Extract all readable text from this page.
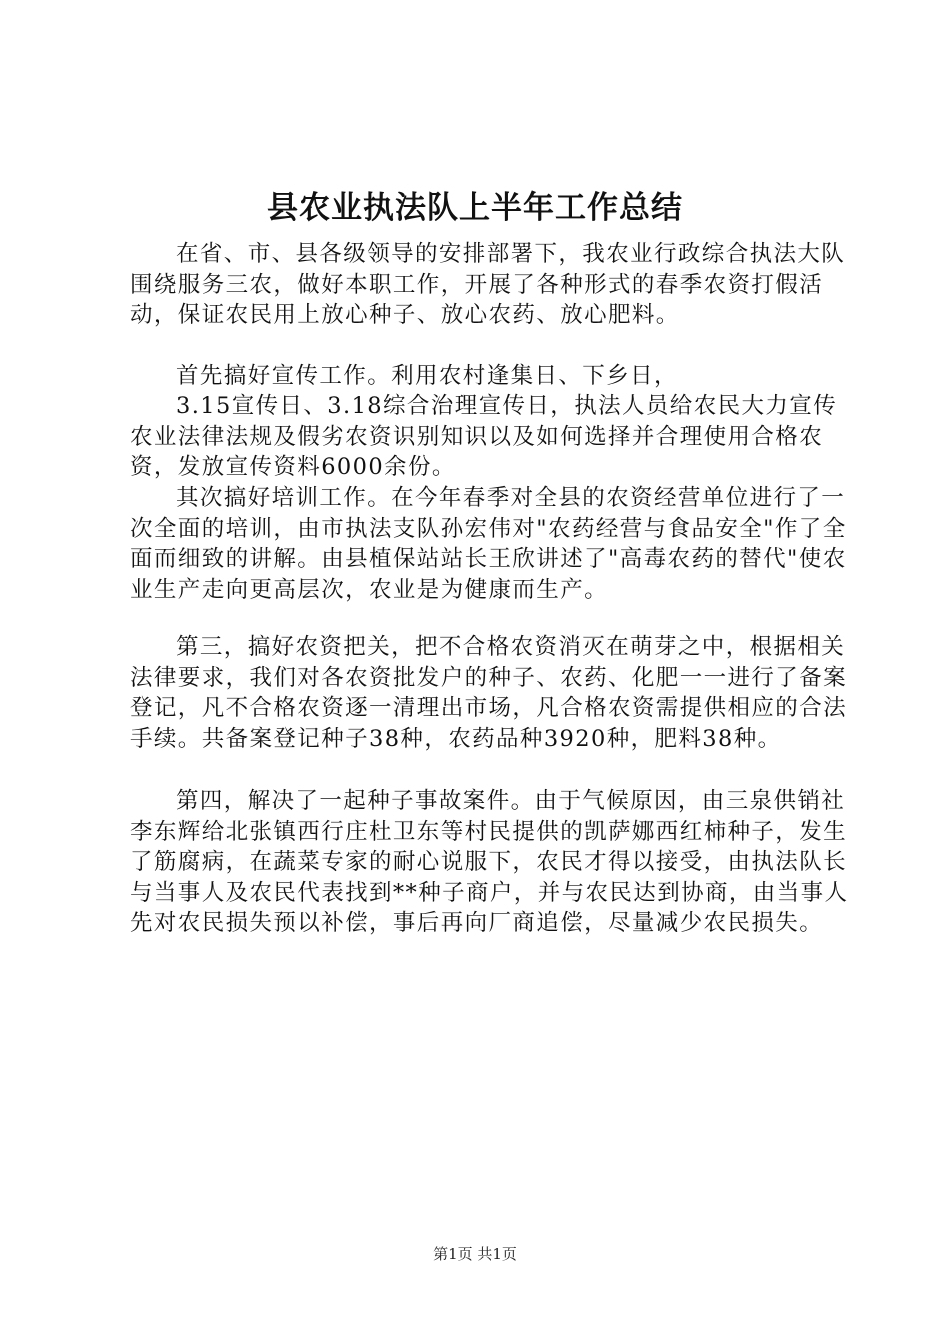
县农业执法队上半年工作总结

在省、市、县各级领导的安排部署下，我农业行政综合执法大队围绕服务三农，做好本职工作，开展了各种形式的春季农资打假活动，保证农民用上放心种子、放心农药、放心肥料。

首先搞好宣传工作。利用农村逢集日、下乡日，

3.15宣传日、3.18综合治理宣传日，执法人员给农民大力宣传农业法律法规及假劣农资识别知识以及如何选择并合理使用合格农资，发放宣传资料6000余份。

其次搞好培训工作。在今年春季对全县的农资经营单位进行了一次全面的培训，由市执法支队孙宏伟对"农药经营与食品安全"作了全面而细致的讲解。由县植保站站长王欣讲述了"高毒农药的替代"使农业生产走向更高层次，农业是为健康而生产。

第三，搞好农资把关，把不合格农资消灭在萌芽之中，根据相关法律要求，我们对各农资批发户的种子、农药、化肥一一进行了备案登记，凡不合格农资逐一清理出市场，凡合格农资需提供相应的合法手续。共备案登记种子38种，农药品种3920种，肥料38种。

第四，解决了一起种子事故案件。由于气候原因，由三泉供销社李东辉给北张镇西行庄杜卫东等村民提供的凯萨娜西红柿种子，发生了筋腐病，在蔬菜专家的耐心说服下，农民才得以接受，由执法队长与当事人及农民代表找到**种子商户，并与农民达到协商，由当事人先对农民损失预以补偿，事后再向厂商追偿，尽量减少农民损失。

第1页 共1页
